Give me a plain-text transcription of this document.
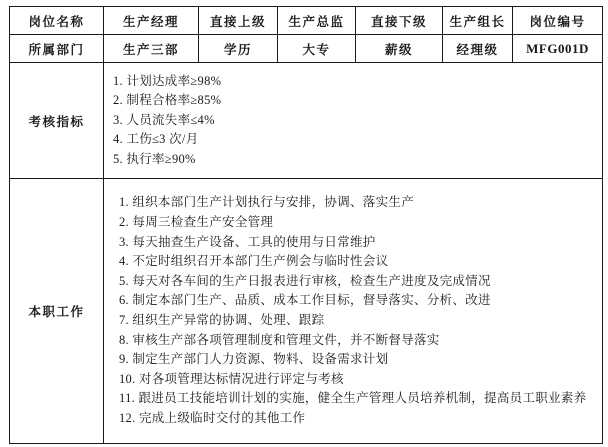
岗位名称	生产经理	直接上级	生产总监	直接下级	生产组长	岗位编号
所属部门	生产三部	学历	大专	薪级	经理级	MFG001D
考核指标	
1. 计划达成率≥98%
2. 制程合格率≥85%
3. 人员流失率≤4%
4. 工伤≤3 次/月
5. 执行率≥90%

本职工作	
1. 组织本部门生产计划执行与安排，协调、落实生产
2. 每周三检查生产安全管理
3. 每天抽查生产设备、工具的使用与日常维护
4. 不定时组织召开本部门生产例会与临时性会议
5. 每天对各车间的生产日报表进行审核，检查生产进度及完成情况
6. 制定本部门生产、品质、成本工作目标，督导落实、分析、改进
7. 组织生产异常的协调、处理、跟踪
8. 审核生产部各项管理制度和管理文件，并不断督导落实
9. 制定生产部门人力资源、物料、设备需求计划
10. 对各项管理达标情况进行评定与考核
11. 跟进员工技能培训计划的实施，健全生产管理人员培养机制，提高员工职业素养
12. 完成上级临时交付的其他工作
